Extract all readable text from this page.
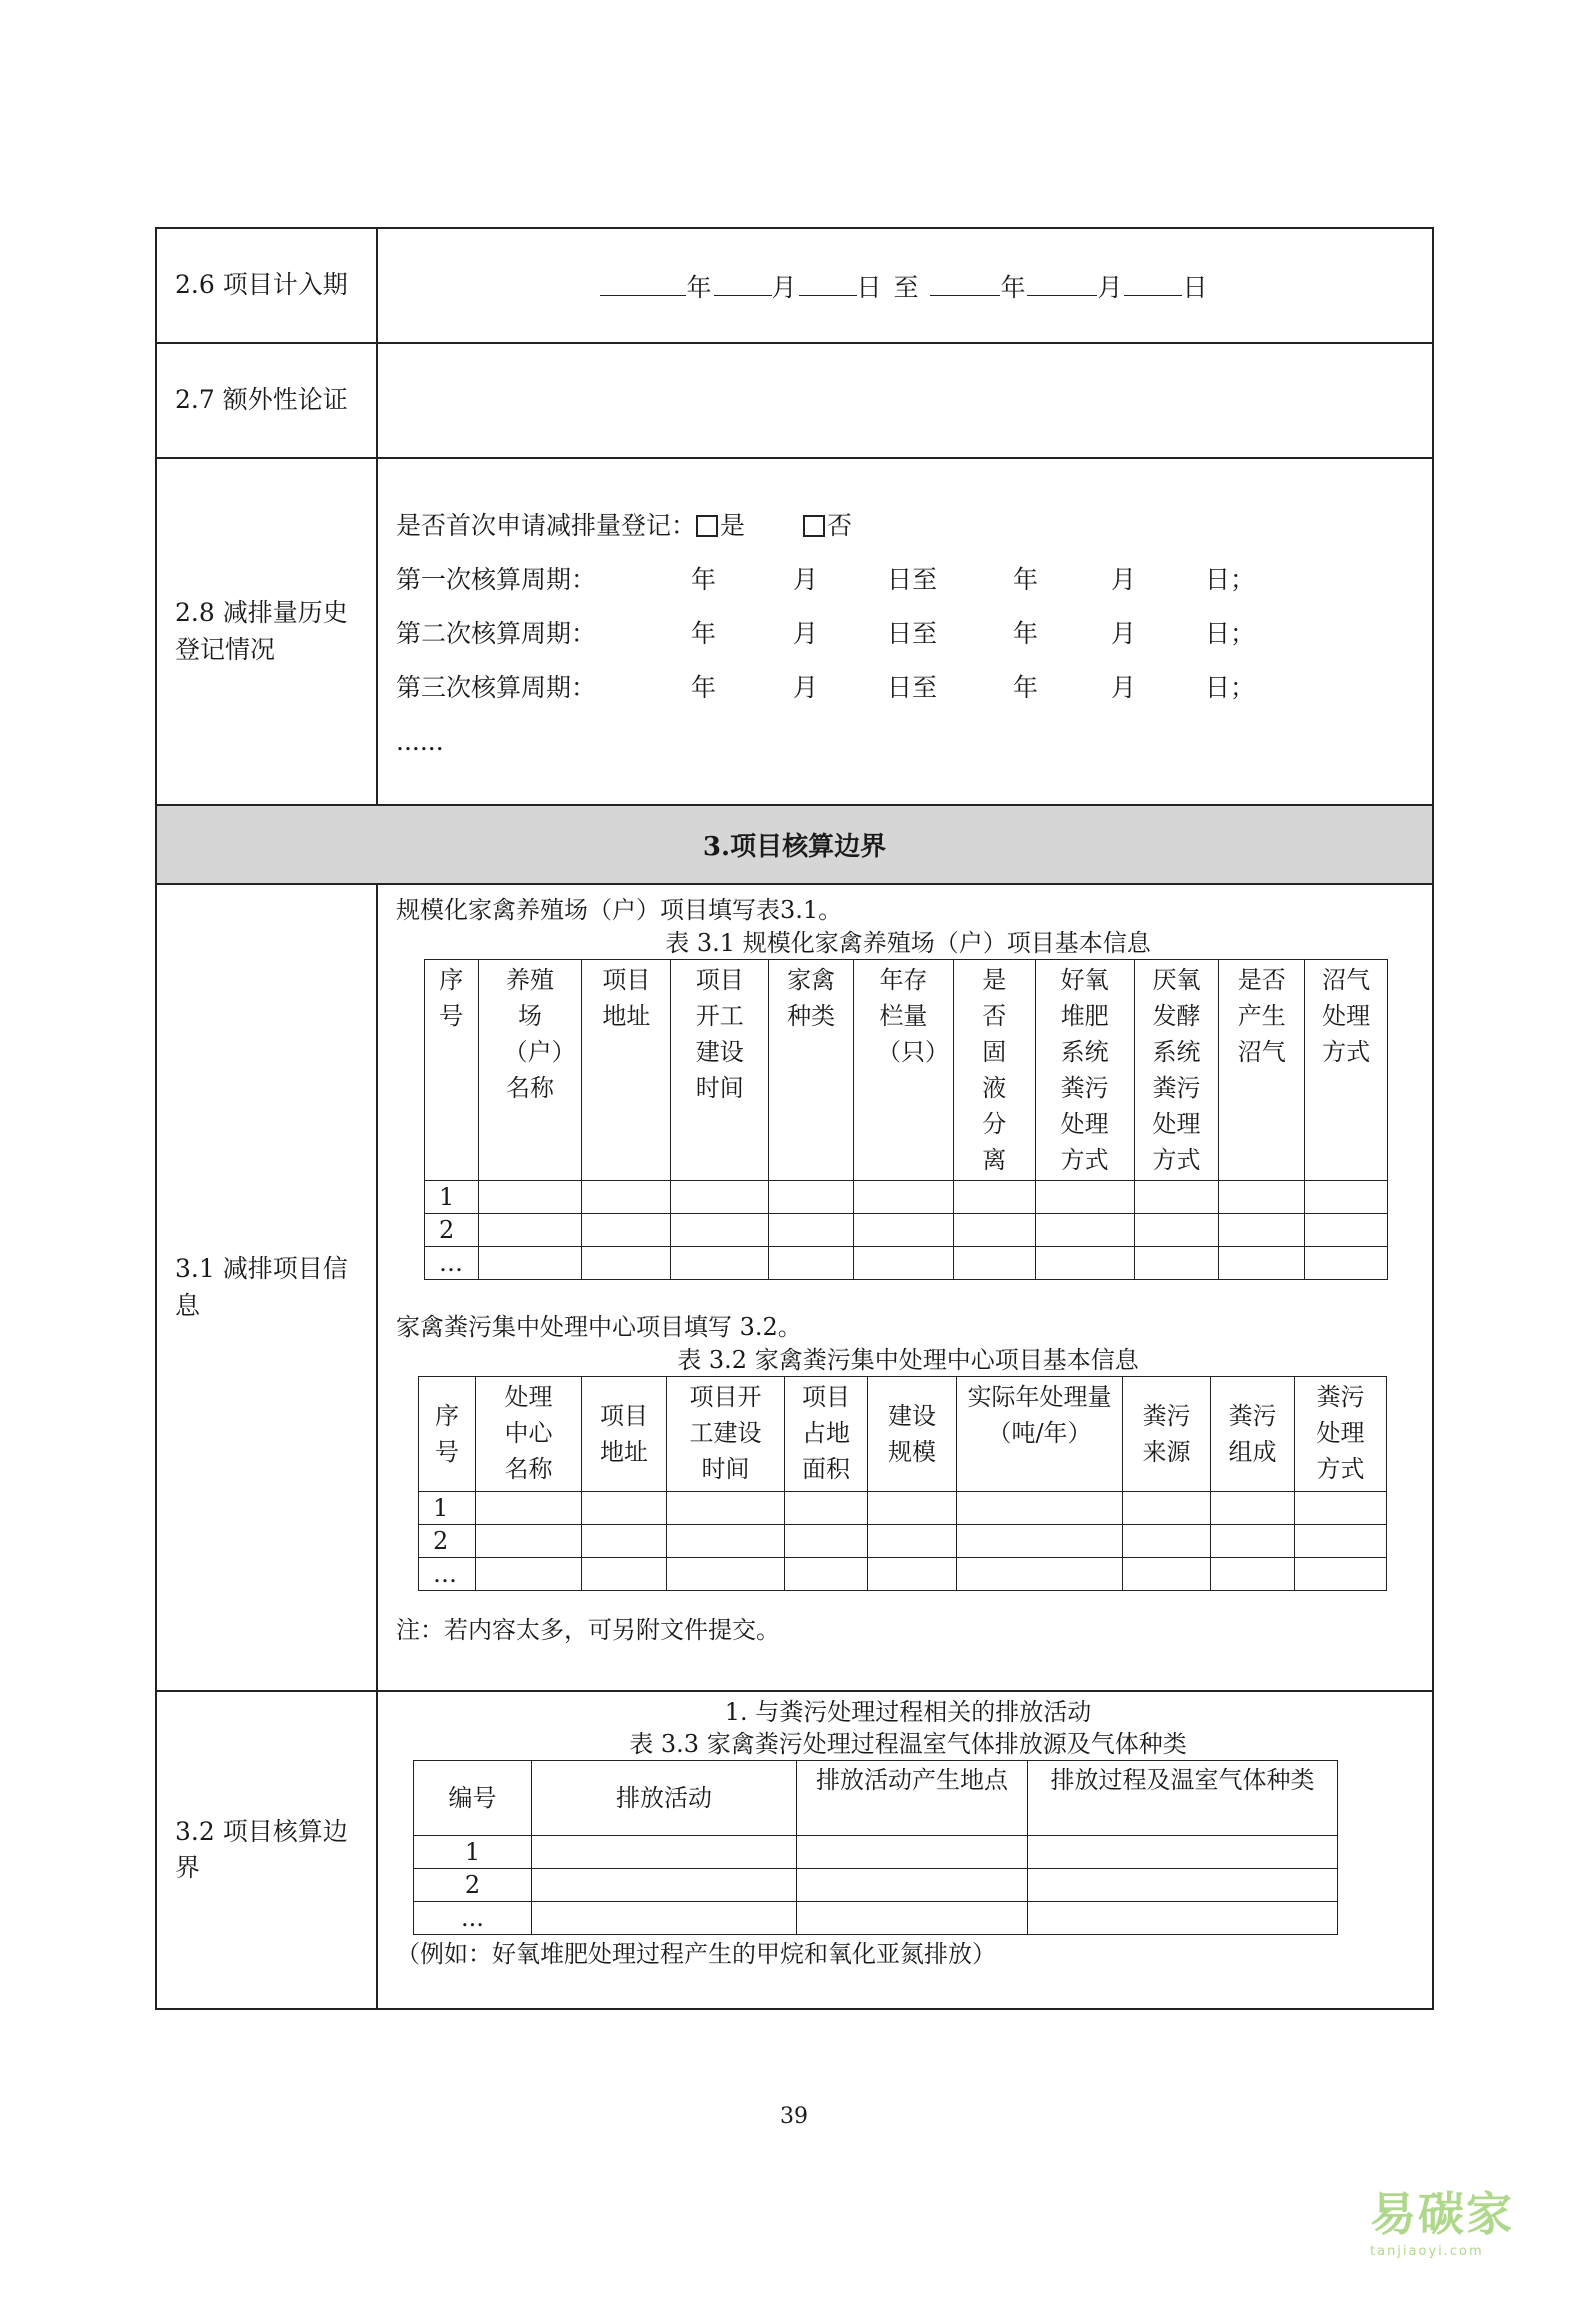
2.6 项目计入期	年 月 日 至	年	月 日

2.7 额外性论证	
2.8 减排量历史登记情况	
是否首次申请减排量登记： 是	否
第一次核算周期：	年	月	日至	年	月	日；
第二次核算周期：	年	月	日至	年	月	日；
第三次核算周期：	年	月	日至	年	月	日；
......

3.项目核算边界
3.1 减排项目信息	
规模化家禽养殖场（户）项目填写表3.1。
表 3.1 规模化家禽养殖场（户）项目基本信息
序号	养殖场（户）名称	项目地址	项目开工建设时间	家禽种类	年存栏量（只）	是否固液分离	好氧堆肥系统粪污处理方式	厌氧发酵系统粪污处理方式	是否产生沼气	沼气处理方式
1										
2										
…										
家禽粪污集中处理中心项目填写 3.2。
表 3.2 家禽粪污集中处理中心项目基本信息
序号	处理中心名称	项目地址	项目开工建设时间	项目占地面积	建设规模	实际年处理量（吨/年）	粪污来源	粪污组成	粪污处理方式
1									
2									
…									
注：若内容太多，可另附文件提交。

3.2 项目核算边界	
1. 与粪污处理过程相关的排放活动
表 3.3 家禽粪污处理过程温室气体排放源及气体种类
编号	排放活动	排放活动产生地点	排放过程及温室气体种类
1			
2			
...			
（例如：好氧堆肥处理过程产生的甲烷和氧化亚氮排放）
39
易碳家$^{tanjiaoyi.com}$
